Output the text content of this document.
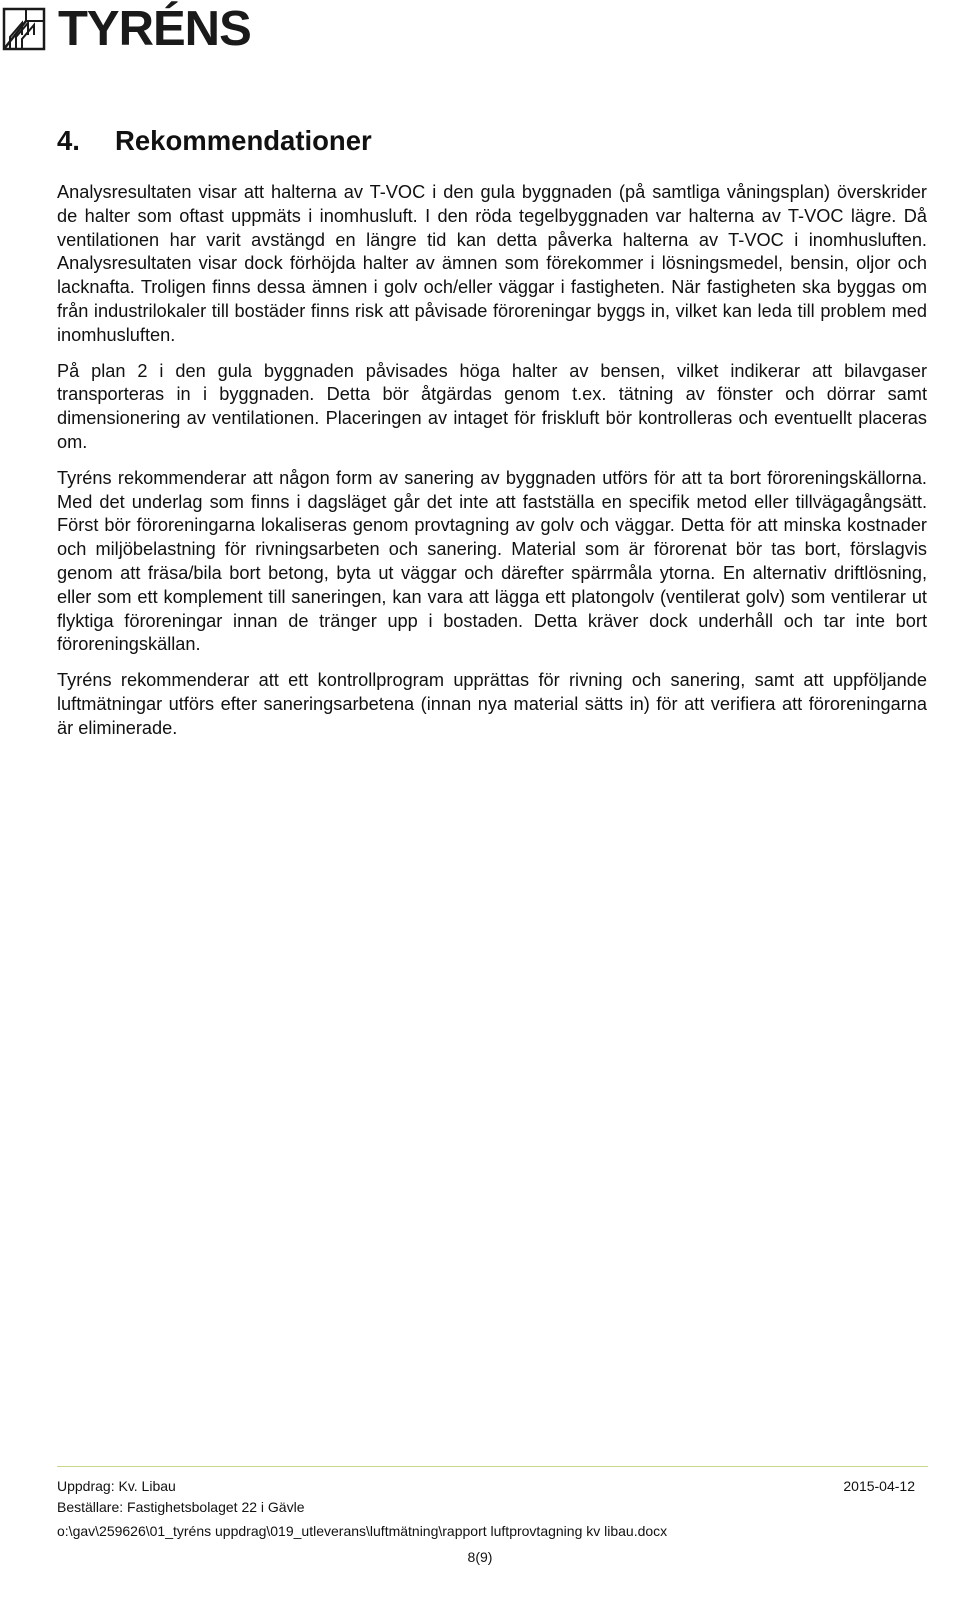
TYRÉNS
4. Rekommendationer

Analysresultaten visar att halterna av T-VOC i den gula byggnaden (på samtliga våningsplan) överskrider de halter som oftast uppmäts i inomhusluft. I den röda tegelbyggnaden var halterna av T-VOC lägre. Då ventilationen har varit avstängd en längre tid kan detta påverka halterna av T-VOC i inomhusluften. Analysresultaten visar dock förhöjda halter av ämnen som förekommer i lösningsmedel, bensin, oljor och lacknafta. Troligen finns dessa ämnen i golv och/eller väggar i fastigheten. När fastigheten ska byggas om från industrilokaler till bostäder finns risk att påvisade föroreningar byggs in, vilket kan leda till problem med inomhusluften.

På plan 2 i den gula byggnaden påvisades höga halter av bensen, vilket indikerar att bilavgaser transporteras in i byggnaden. Detta bör åtgärdas genom t.ex. tätning av fönster och dörrar samt dimensionering av ventilationen. Placeringen av intaget för friskluft bör kontrolleras och eventuellt placeras om.

Tyréns rekommenderar att någon form av sanering av byggnaden utförs för att ta bort föroreningskällorna. Med det underlag som finns i dagsläget går det inte att fastställa en specifik metod eller tillvägagångsätt. Först bör föroreningarna lokaliseras genom provtagning av golv och väggar. Detta för att minska kostnader och miljöbelastning för rivningsarbeten och sanering. Material som är förorenat bör tas bort, förslagvis genom att fräsa/bila bort betong, byta ut väggar och därefter spärrmåla ytorna. En alternativ driftlösning, eller som ett komplement till saneringen, kan vara att lägga ett platongolv (ventilerat golv) som ventilerar ut flyktiga föroreningar innan de tränger upp i bostaden. Detta kräver dock underhåll och tar inte bort föroreningskällan.

Tyréns rekommenderar att ett kontrollprogram upprättas för rivning och sanering, samt att uppföljande luftmätningar utförs efter saneringsarbetena (innan nya material sätts in) för att verifiera att föroreningarna är eliminerade.

Uppdrag: Kv. Libau	2015-04-12
Beställare: Fastighetsbolaget 22 i Gävle
o:\gav\259626\01_tyréns uppdrag\019_utleverans\luftmätning\rapport luftprovtagning kv libau.docx
8(9)
